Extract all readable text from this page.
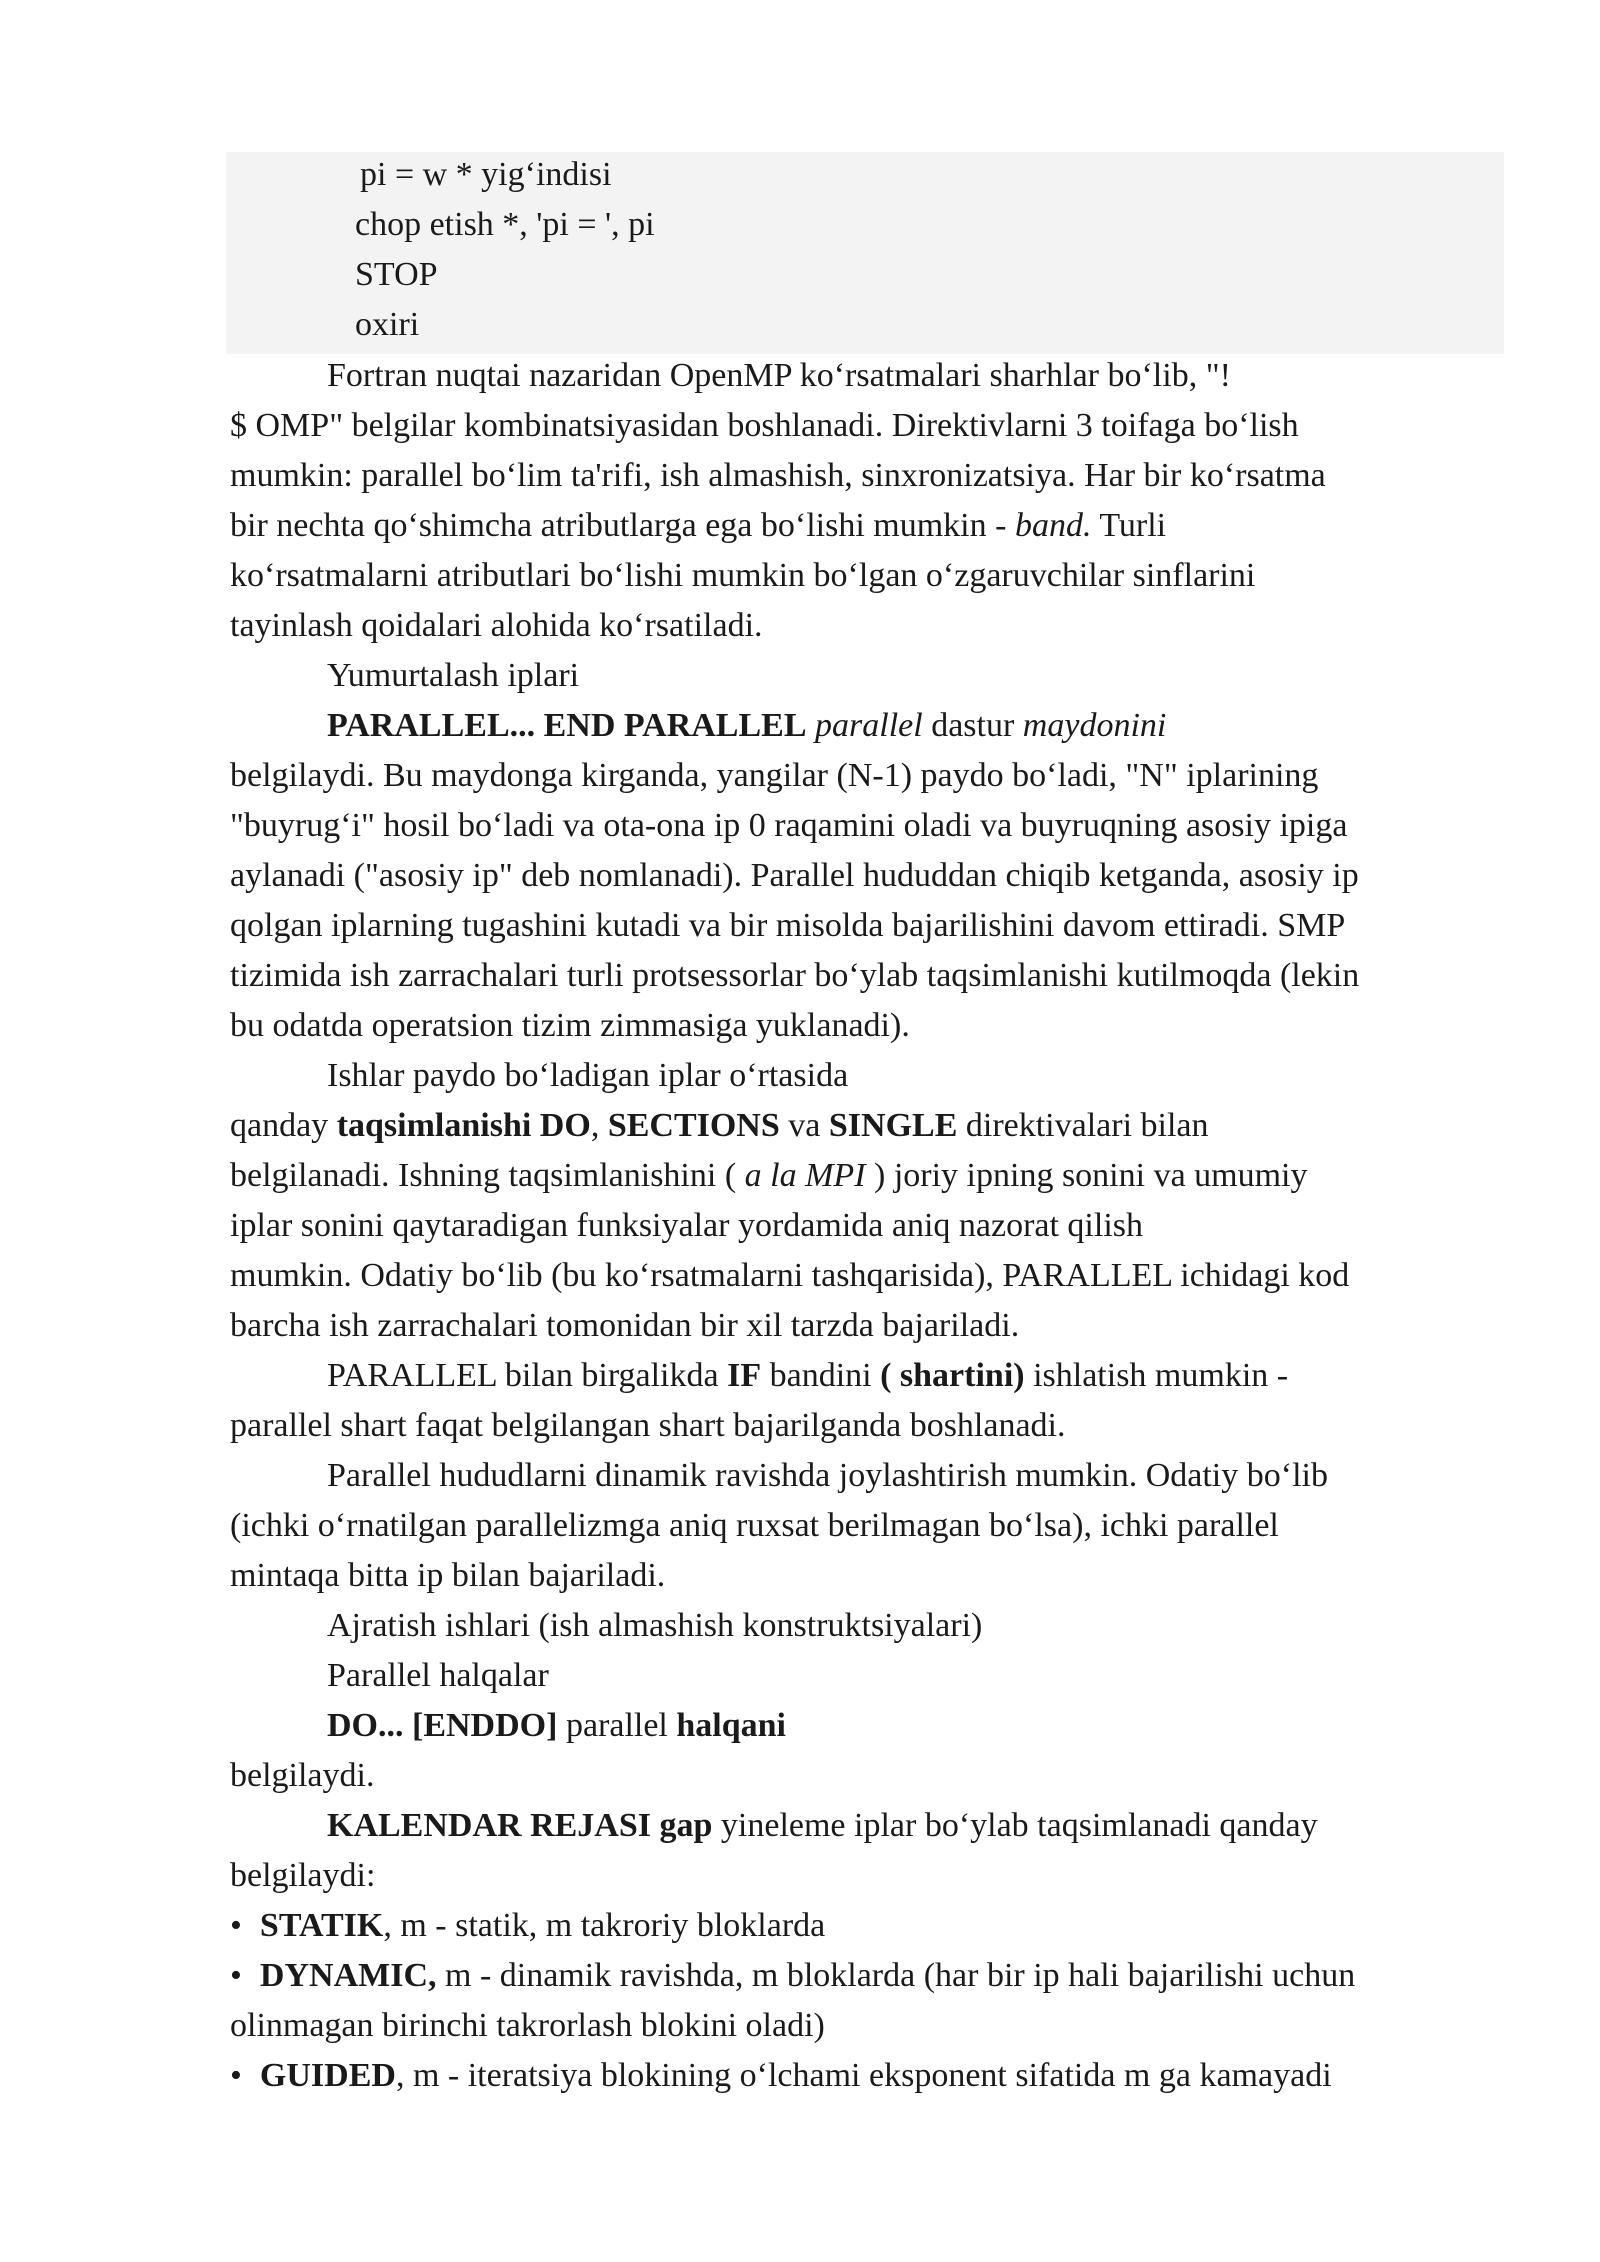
pi = w * yig‘indisi
chop etish *, 'pi = ', pi
STOP
oxiri
Fortran nuqtai nazaridan OpenMP ko‘rsatmalari sharhlar bo‘lib, "!
$ OMP" belgilar kombinatsiyasidan boshlanadi. Direktivlarni 3 toifaga bo‘lish
mumkin: parallel bo‘lim ta'rifi, ish almashish, sinxronizatsiya. Har bir ko‘rsatma
bir nechta qo‘shimcha atributlarga ega bo‘lishi mumkin - band. Turli
ko‘rsatmalarni atributlari bo‘lishi mumkin bo‘lgan o‘zgaruvchilar sinflarini
tayinlash qoidalari alohida ko‘rsatiladi.
Yumurtalash iplari
PARALLEL... END PARALLEL parallel dastur maydonini
belgilaydi. Bu maydonga kirganda, yangilar (N-1) paydo bo‘ladi, "N" iplarining
"buyrug‘i" hosil bo‘ladi va ota-ona ip 0 raqamini oladi va buyruqning asosiy ipiga
aylanadi ("asosiy ip" deb nomlanadi). Parallel hududdan chiqib ketganda, asosiy ip
qolgan iplarning tugashini kutadi va bir misolda bajarilishini davom ettiradi. SMP
tizimida ish zarrachalari turli protsessorlar bo‘ylab taqsimlanishi kutilmoqda (lekin
bu odatda operatsion tizim zimmasiga yuklanadi).
Ishlar paydo bo‘ladigan iplar o‘rtasida
qanday taqsimlanishi DO, SECTIONS va SINGLE direktivalari bilan
belgilanadi. Ishning taqsimlanishini ( a la MPI ) joriy ipning sonini va umumiy
iplar sonini qaytaradigan funksiyalar yordamida aniq nazorat qilish
mumkin. Odatiy bo‘lib (bu ko‘rsatmalarni tashqarisida), PARALLEL ichidagi kod
barcha ish zarrachalari tomonidan bir xil tarzda bajariladi.
PARALLEL bilan birgalikda IF bandini ( shartini) ishlatish mumkin -
parallel shart faqat belgilangan shart bajarilganda boshlanadi.
Parallel hududlarni dinamik ravishda joylashtirish mumkin. Odatiy bo‘lib
(ichki o‘rnatilgan parallelizmga aniq ruxsat berilmagan bo‘lsa), ichki parallel
mintaqa bitta ip bilan bajariladi.
Ajratish ishlari (ish almashish konstruktsiyalari)
Parallel halqalar
DO... [ENDDO] parallel halqani
belgilaydi.
KALENDAR REJASI gap yineleme iplar bo‘ylab taqsimlanadi qanday
belgilaydi:
• STATIK, m - statik, m takroriy bloklarda
• DYNAMIC, m - dinamik ravishda, m bloklarda (har bir ip hali bajarilishi uchun
olinmagan birinchi takrorlash blokini oladi)
• GUIDED, m - iteratsiya blokining o‘lchami eksponent sifatida m ga kamayadi
